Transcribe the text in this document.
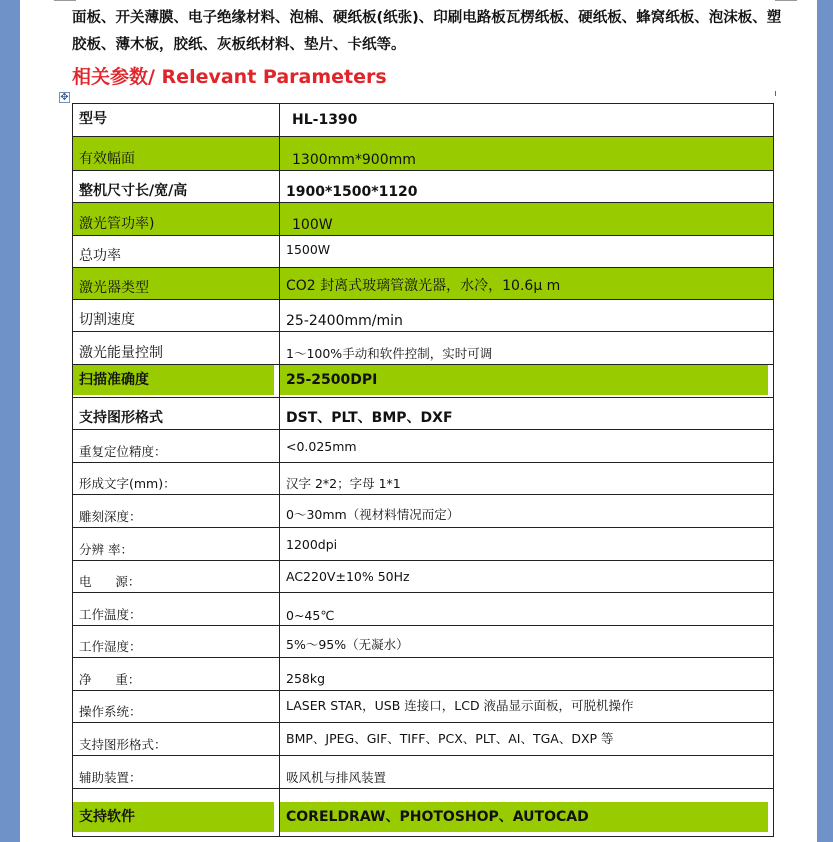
面板、开关薄膜、电子绝缘材料、泡棉、硬纸板(纸张)、印刷电路板瓦楞纸板、硬纸板、蜂窝纸板、泡沫板、塑胶板、薄木板，胶纸、灰板纸材料、垫片、卡纸等。

相关参数/ Relevant Parameters
✥
型号	HL-1390

有效幅面	1300mm*900mm

整机尺寸长/宽/高	1900*1500*1120

激光管功率)	100W

总功率	1500W

激光器类型	CO2 封离式玻璃管激光器，水冷，10.6μ m

切割速度	25-2400mm/min

激光能量控制	1～100%手动和软件控制，实时可调

扫描准确度	25-2500DPI

支持图形格式	DST、PLT、BMP、DXF

重复定位精度：	<0.025mm

形成文字(mm)：	汉字 2*2；字母 1*1

雕刻深度：	0～30mm（视材料情况而定）

分辨 率：	1200dpi

电      源：	AC220V±10% 50Hz

工作温度：	0~45℃

工作湿度：	5%～95%（无凝水）

净      重：	258kg

操作系统：	LASER STAR，USB 连接口，LCD 液晶显示面板，可脱机操作

支持图形格式：	BMP、JPEG、GIF、TIFF、PCX、PLT、AI、TGA、DXP 等

辅助装置：	吸风机与排风装置

支持软件	CORELDRAW、PHOTOSHOP、AUTOCAD
